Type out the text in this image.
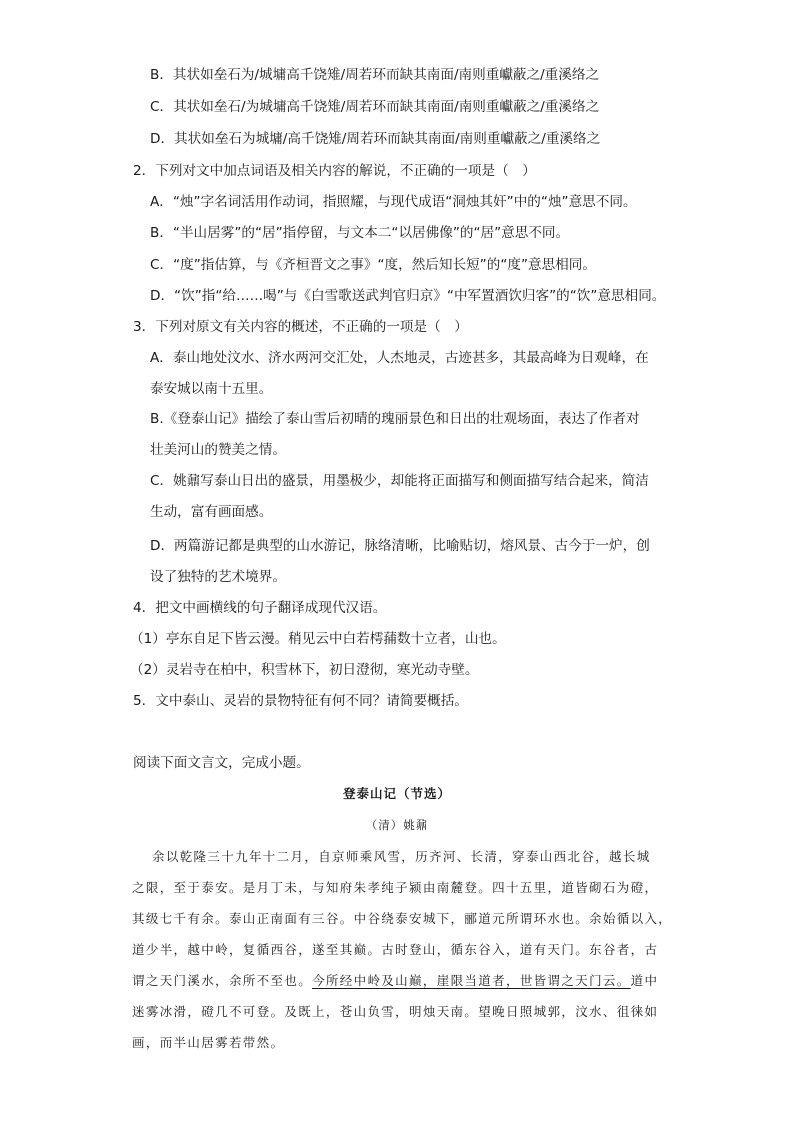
B．其状如垒石为/城墉高千饶雉/周若环而缺其南面/南则重巘蔽之/重溪络之
C．其状如垒石/为城墉高千饶雉/周若环而缺其南面/南则重巘蔽之/重溪络之
D．其状如垒石为城墉/高千饶雉/周若环而缺其南面/南则重巘蔽之/重溪络之
2．下列对文中加点词语及相关内容的解说，不正确的一项是（　）
A．“烛”字名词活用作动词，指照耀，与现代成语“洞烛其奸”中的“烛”意思不同。
B．“半山居雾”的“居”指停留，与文本二“以居佛像”的“居”意思不同。
C．“度”指估算，与《齐桓晋文之事》“度，然后知长短”的“度”意思相同。
D．“饮”指“给……喝”与《白雪歌送武判官归京》“中军置酒饮归客”的“饮”意思相同。
3．下列对原文有关内容的概述，不正确的一项是（　）
A．泰山地处汶水、济水两河交汇处，人杰地灵，古迹甚多，其最高峰为日观峰，在
泰安城以南十五里。
B.《登泰山记》描绘了泰山雪后初晴的瑰丽景色和日出的壮观场面，表达了作者对
壮美河山的赞美之情。
C．姚鼐写泰山日出的盛景，用墨极少，却能将正面描写和侧面描写结合起来，简洁
生动，富有画面感。
D．两篇游记都是典型的山水游记，脉络清晰，比喻贴切，熔风景、古今于一炉，创
设了独特的艺术境界。
4．把文中画横线的句子翻译成现代汉语。
（1）亭东自足下皆云漫。稍见云中白若樗蒱数十立者，山也。
（2）灵岩寺在柏中，积雪林下，初日澄彻，寒光动寺壁。
5．文中泰山、灵岩的景物特征有何不同？请简要概括。
阅读下面文言文，完成小题。
登泰山记（节选）
（清）姚鼐
余以乾隆三十九年十二月，自京师乘风雪，历齐河、长清，穿泰山西北谷，越长城
之限，至于泰安。是月丁未，与知府朱孝纯子颍由南麓登。四十五里，道皆砌石为磴，
其级七千有余。泰山正南面有三谷。中谷绕泰安城下，郦道元所谓环水也。余始循以入，
道少半，越中岭，复循西谷，遂至其巅。古时登山，循东谷入，道有天门。东谷者，古
谓之天门溪水，余所不至也。今所经中岭及山巅，崖限当道者，世皆谓之天门云。道中
迷雾冰滑，磴几不可登。及既上，苍山负雪，明烛天南。望晚日照城郭，汶水、徂徕如
画，而半山居雾若带然。
